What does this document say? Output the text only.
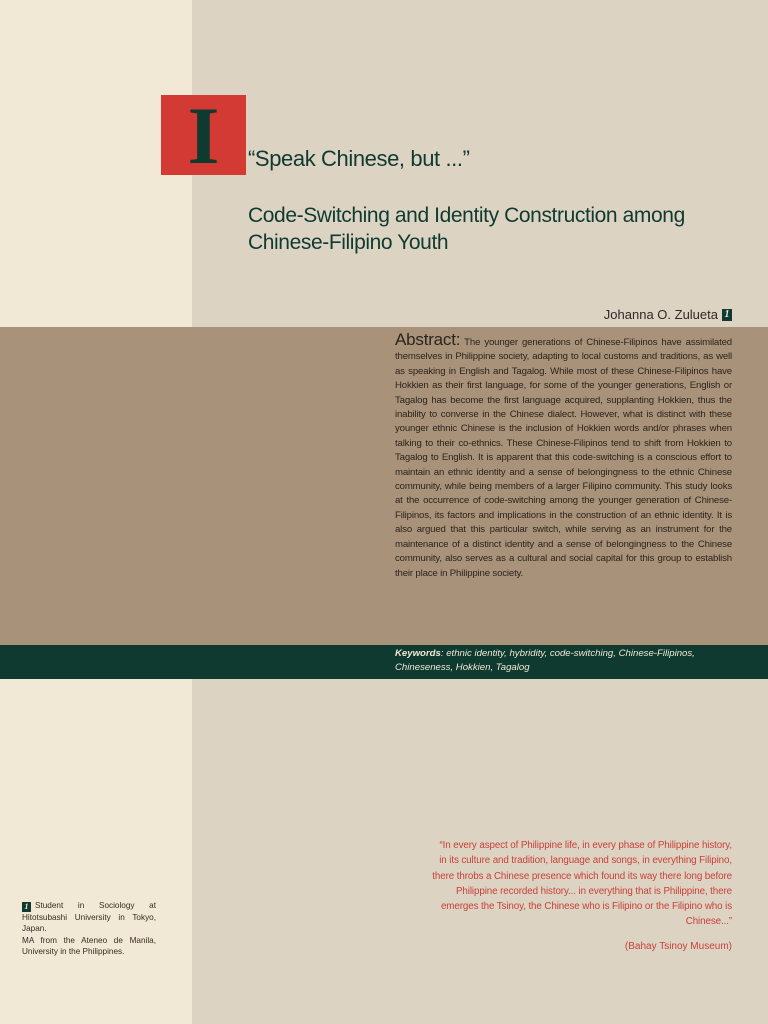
I “Speak Chinese, but ...”
Code-Switching and Identity Construction among Chinese-Filipino Youth
Johanna O. Zulueta 1

Abstract: The younger generations of Chinese-Filipinos have assimilated themselves in Philippine society, adapting to local customs and traditions, as well as speaking in English and Tagalog. While most of these Chinese-Filipinos have Hokkien as their first language, for some of the younger generations, English or Tagalog has become the first language acquired, supplanting Hokkien, thus the inability to converse in the Chinese dialect. However, what is distinct with these younger ethnic Chinese is the inclusion of Hokkien words and/or phrases when talking to their co-ethnics. These Chinese-Filipinos tend to shift from Hokkien to Tagalog to English. It is apparent that this code-switching is a conscious effort to maintain an ethnic identity and a sense of belongingness to the ethnic Chinese community, while being members of a larger Filipino community. This study looks at the occurrence of code-switching among the younger generation of Chinese-Filipinos, its factors and implications in the construction of an ethnic identity. It is also argued that this particular switch, while serving as an instrument for the maintenance of a distinct identity and a sense of belongingness to the Chinese community, also serves as a cultural and social capital for this group to establish their place in Philippine society.

Keywords: ethnic identity, hybridity, code-switching, Chinese-Filipinos, Chineseness, Hokkien, Tagalog

1 Student in Sociology at Hitotsubashi University in Tokyo, Japan.
MA from the Ateneo de Manila, University in the Philippines.

“In every aspect of Philippine life, in every phase of Philippine history, in its culture and tradition, language and songs, in everything Filipino, there throbs a Chinese presence which found its way there long before Philippine recorded history... in everything that is Philippine, there emerges the Tsinoy, the Chinese who is Filipino or the Filipino who is Chinese...”

(Bahay Tsinoy Museum)
